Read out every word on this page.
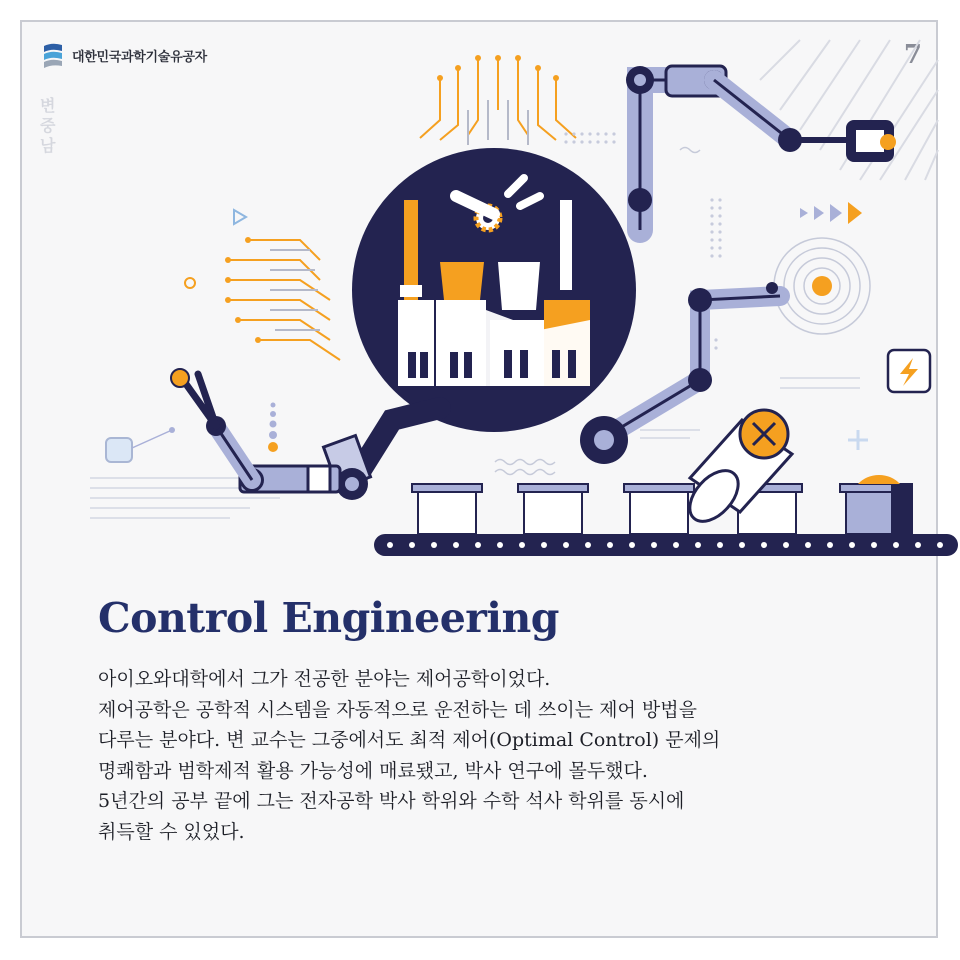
대한민국과학기술유공자
변중남
7
Control Engineering

아이오와대학에서 그가 전공한 분야는 제어공학이었다.

제어공학은 공학적 시스템을 자동적으로 운전하는 데 쓰이는 제어 방법을

다루는 분야다. 변 교수는 그중에서도 최적 제어(Optimal Control) 문제의

명쾌함과 범학제적 활용 가능성에 매료됐고, 박사 연구에 몰두했다.

5년간의 공부 끝에 그는 전자공학 박사 학위와 수학 석사 학위를 동시에

취득할 수 있었다.
